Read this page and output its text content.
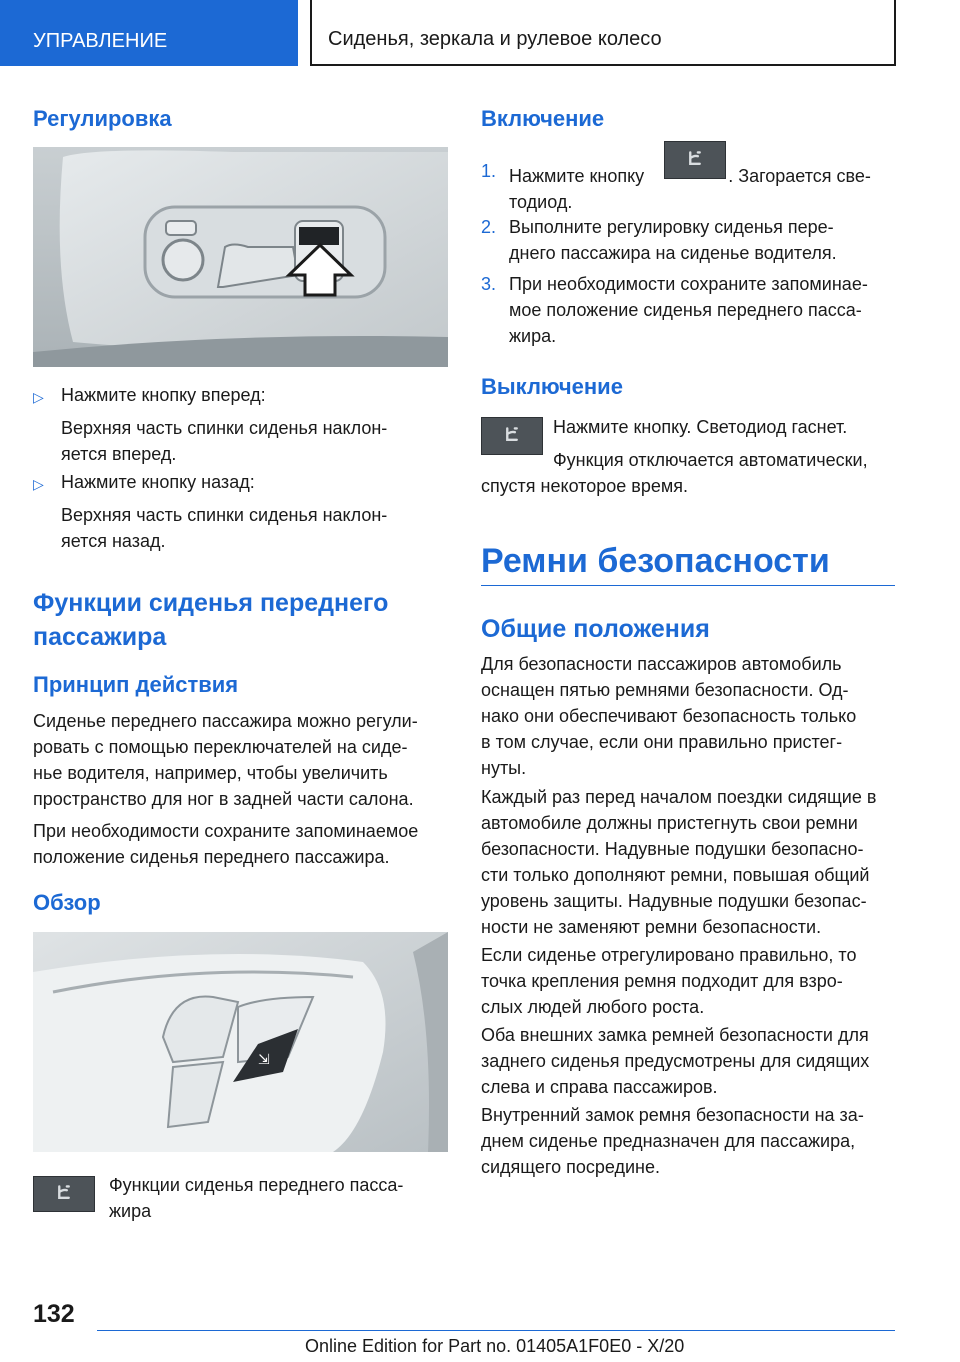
УПРАВЛЕНИЕ	Сиденья, зеркала и рулевое колесо
Регулировка
▷ Нажмите кнопку вперед:
Верхняя часть спинки сиденья наклон-
яется вперед.
▷ Нажмите кнопку назад:
Верхняя часть спинки сиденья наклон-
яется назад.
Функции сиденья переднего
пассажира
Принцип действия
Сиденье переднего пассажира можно регули-
ровать с помощью переключателей на сиде-
нье водителя, например, чтобы увеличить
пространство для ног в задней части салона.
При необходимости сохраните запоминаемое
положение сиденья переднего пассажира.
Обзор
⇲
Функции сиденья переднего пасса-
жира
Включение
1. Нажмите кнопку	. Загорается све-
тодиод.
2. Выполните регулировку сиденья пере-
днего пассажира на сиденье водителя.
3. При необходимости сохраните запоминае-
мое положение сиденья переднего пасса-
жира.
Выключение
Нажмите кнопку. Светодиод гаснет.
Функция отключается автоматически,
спустя некоторое время.
Ремни безопасности
Общие положения
Для безопасности пассажиров автомобиль
оснащен пятью ремнями безопасности. Од-
нако они обеспечивают безопасность только
в том случае, если они правильно пристег-
нуты.
Каждый раз перед началом поездки сидящие в
автомобиле должны пристегнуть свои ремни
безопасности. Надувные подушки безопасно-
сти только дополняют ремни, повышая общий
уровень защиты. Надувные подушки безопас-
ности не заменяют ремни безопасности.
Если сиденье отрегулировано правильно, то
точка крепления ремня подходит для взро-
слых людей любого роста.
Оба внешних замка ремней безопасности для
заднего сиденья предусмотрены для сидящих
слева и справа пассажиров.
Внутренний замок ремня безопасности на за-
днем сиденье предназначен для пассажира,
сидящего посредине.
132
Online Edition for Part no. 01405A1F0E0 - X/20
